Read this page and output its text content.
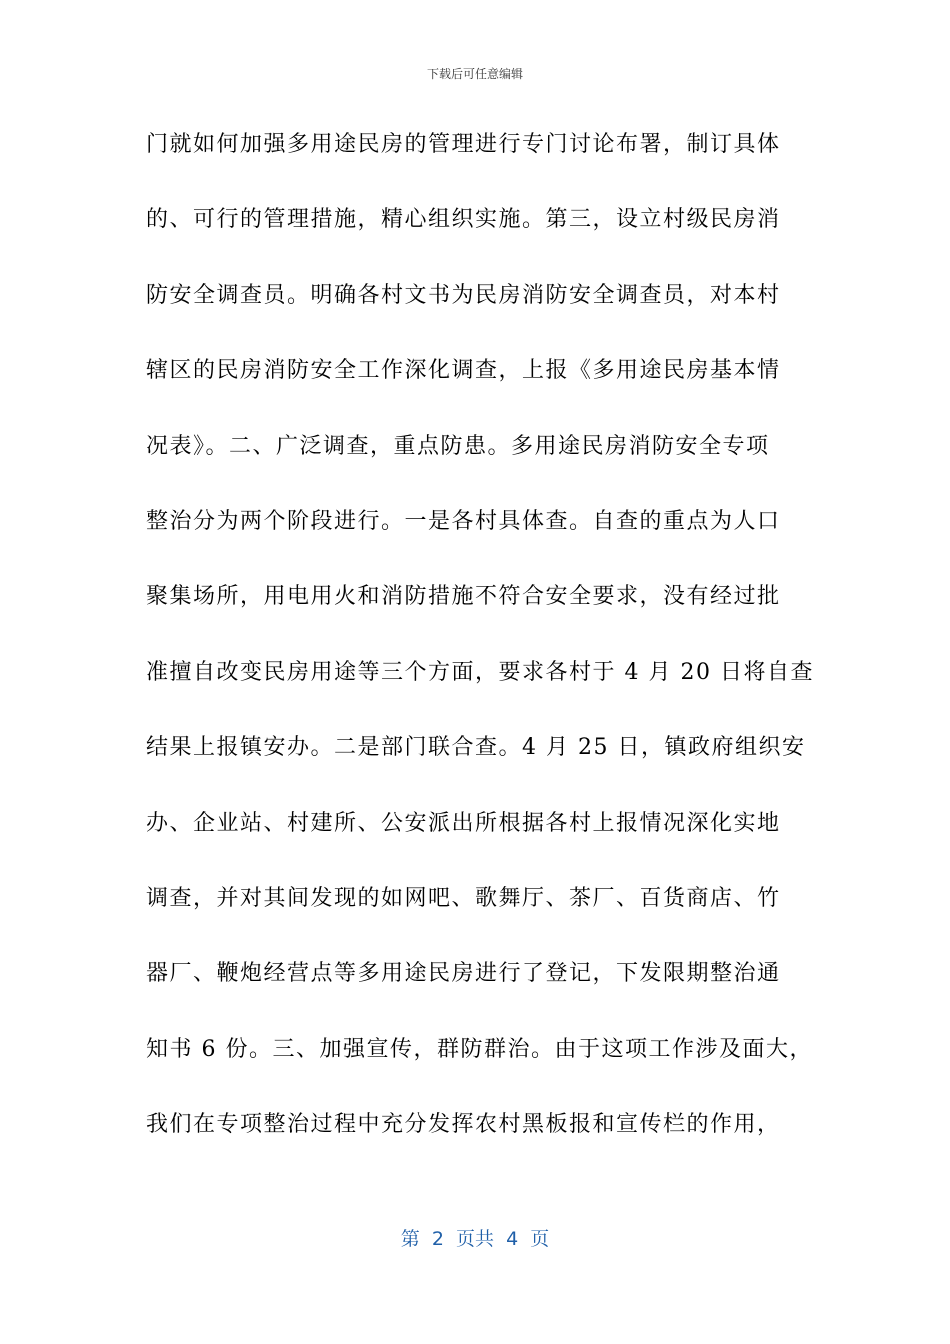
下载后可任意编辑
门就如何加强多用途民房的管理进行专门讨论布署，制订具体
的、可行的管理措施，精心组织实施。第三，设立村级民房消
防安全调查员。明确各村文书为民房消防安全调查员，对本村
辖区的民房消防安全工作深化调查，上报《多用途民房基本情
况表》。二、广泛调查，重点防患。多用途民房消防安全专项
整治分为两个阶段进行。一是各村具体查。自查的重点为人口
聚集场所，用电用火和消防措施不符合安全要求，没有经过批
准擅自改变民房用途等三个方面，要求各村于 4 月 20 日将自查
结果上报镇安办。二是部门联合查。4 月 25 日，镇政府组织安
办、企业站、村建所、公安派出所根据各村上报情况深化实地
调查，并对其间发现的如网吧、歌舞厅、茶厂、百货商店、竹
器厂、鞭炮经营点等多用途民房进行了登记，下发限期整治通
知书 6 份。三、加强宣传，群防群治。由于这项工作涉及面大，
我们在专项整治过程中充分发挥农村黑板报和宣传栏的作用，
第  2  页共  4  页
